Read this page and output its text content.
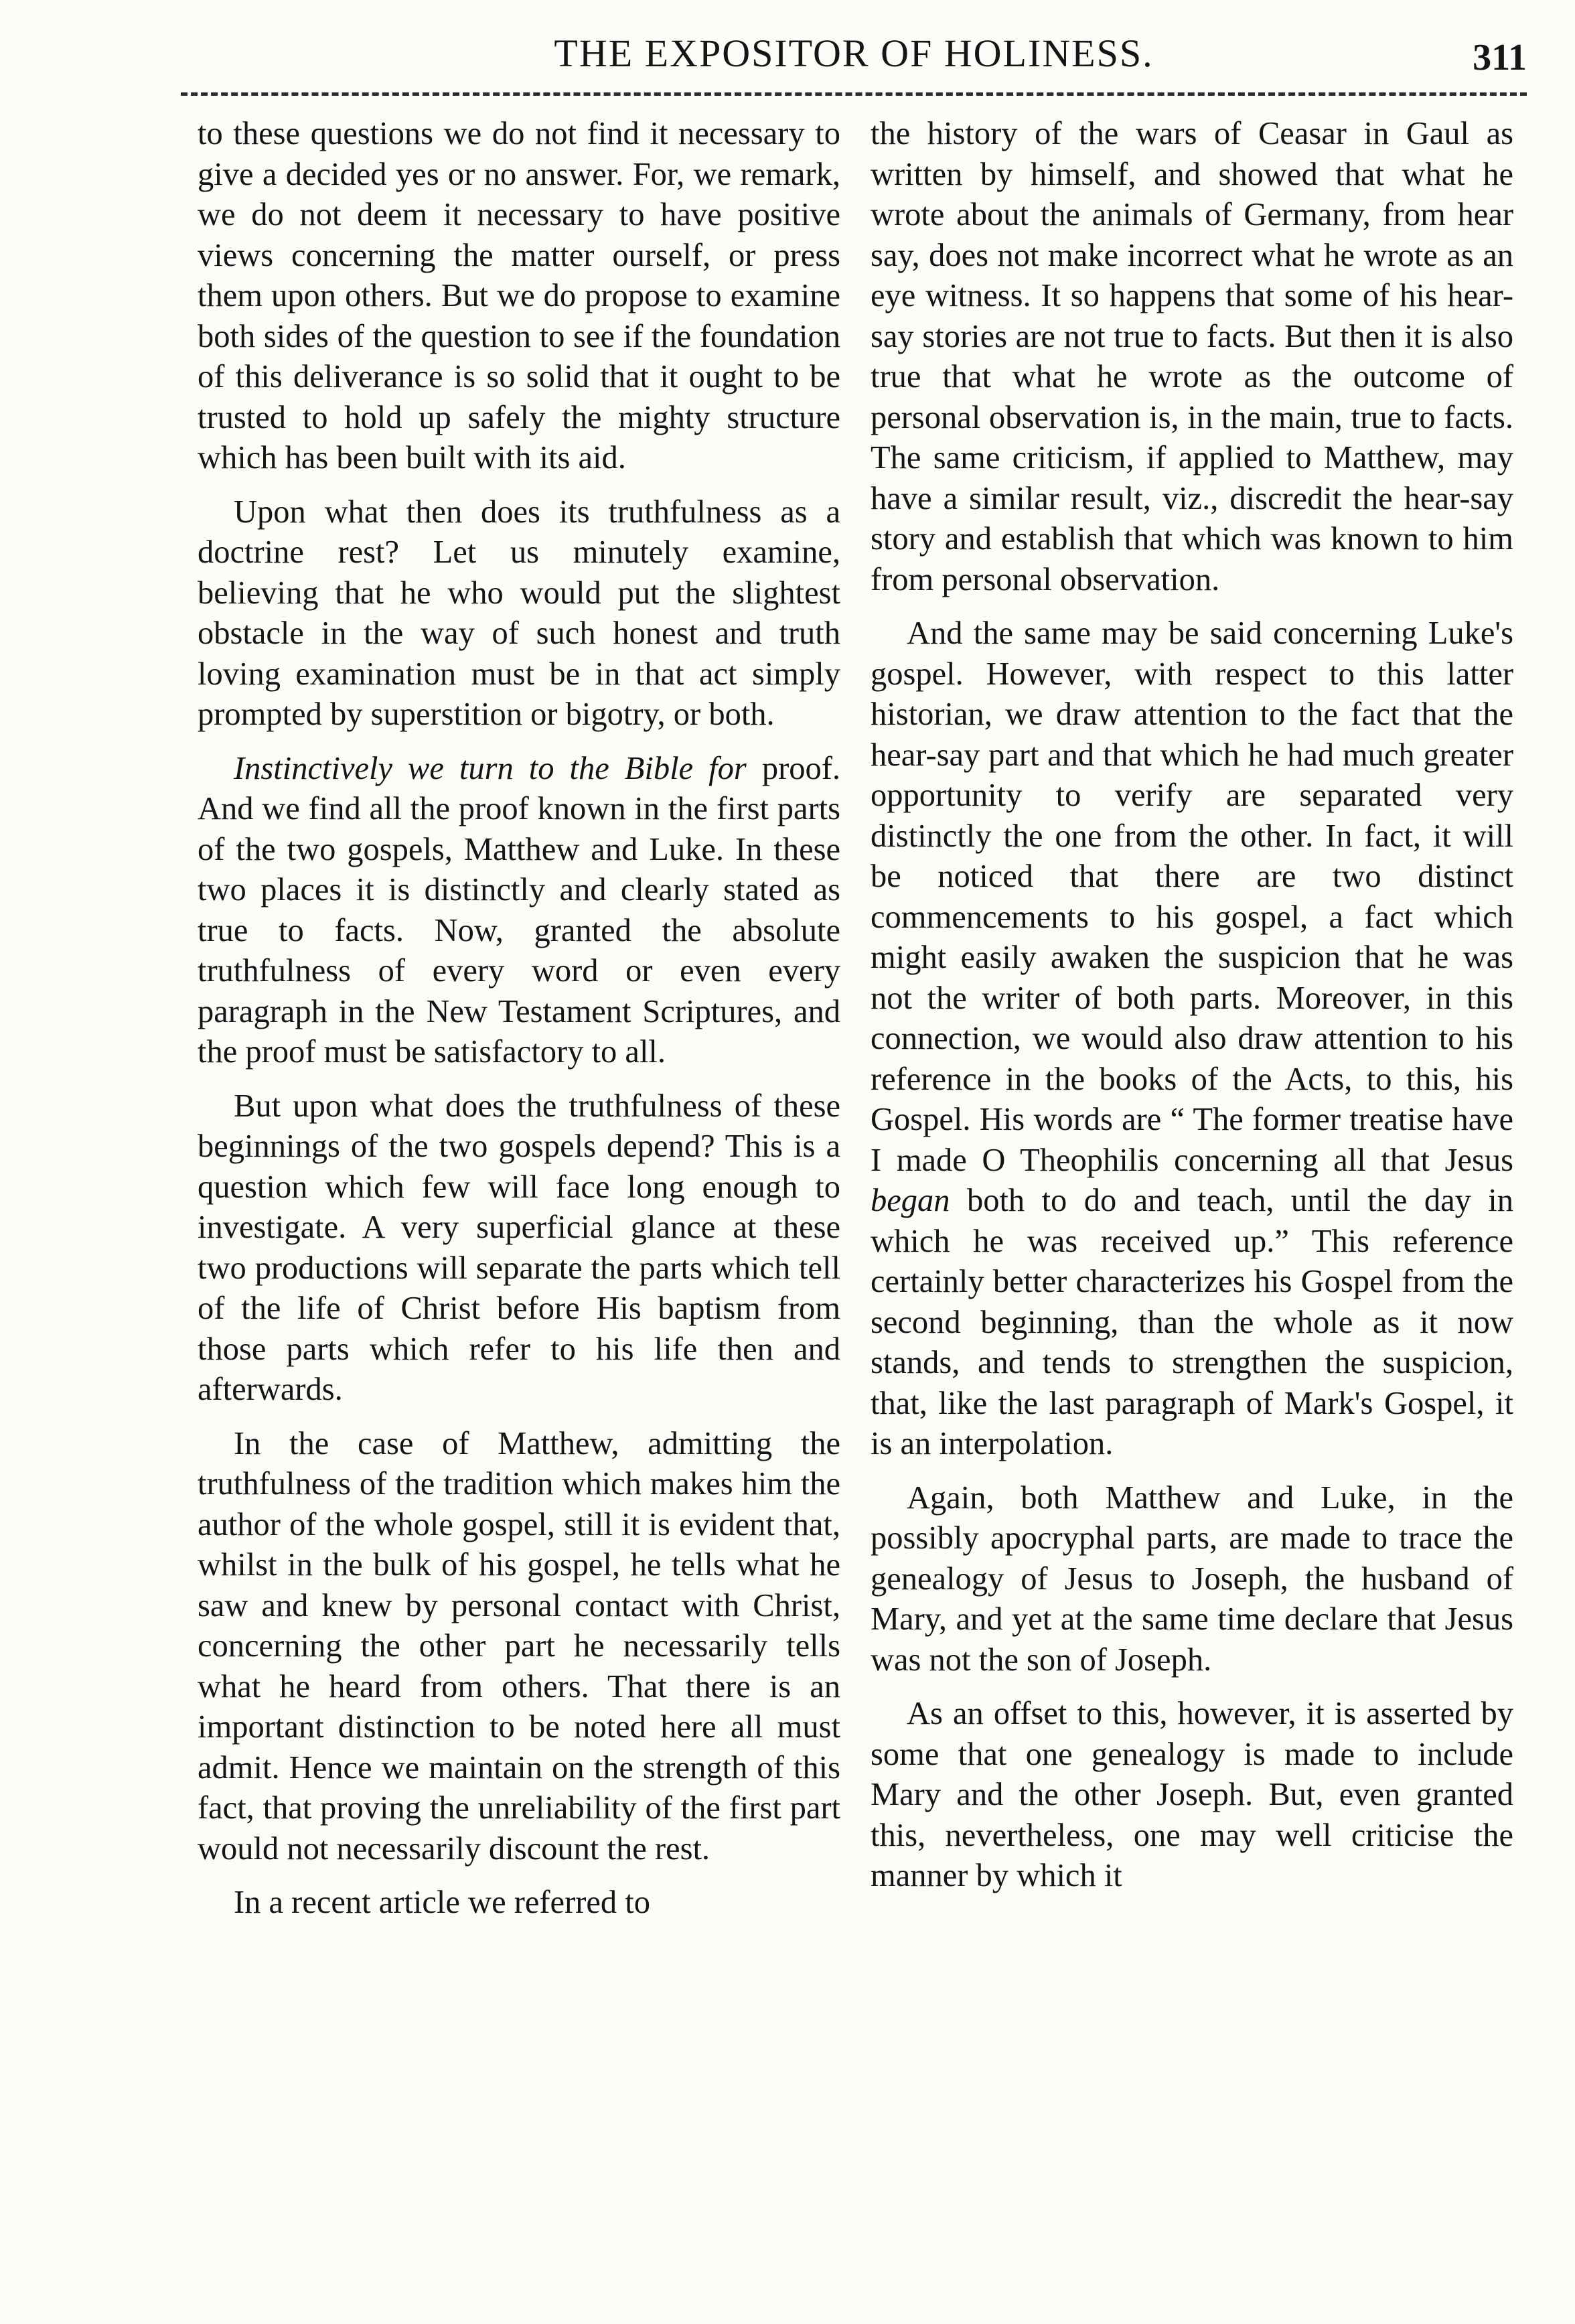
THE EXPOSITOR OF HOLINESS.	311

to these questions we do not find it necessary to give a decided yes or no answer. For, we remark, we do not deem it necessary to have positive views concerning the matter ourself, or press them upon others. But we do propose to examine both sides of the question to see if the foundation of this deliverance is so solid that it ought to be trusted to hold up safely the mighty structure which has been built with its aid.

Upon what then does its truthfulness as a doctrine rest? Let us minutely examine, believing that he who would put the slightest obstacle in the way of such honest and truth loving examination must be in that act simply prompted by superstition or bigotry, or both.

Instinctively we turn to the Bible for proof. And we find all the proof known in the first parts of the two gospels, Matthew and Luke. In these two places it is distinctly and clearly stated as true to facts. Now, granted the absolute truthfulness of every word or even every paragraph in the New Testament Scriptures, and the proof must be satisfactory to all.

But upon what does the truthfulness of these beginnings of the two gospels depend? This is a question which few will face long enough to investigate. A very superficial glance at these two productions will separate the parts which tell of the life of Christ before His baptism from those parts which refer to his life then and afterwards.

In the case of Matthew, admitting the truthfulness of the tradition which makes him the author of the whole gospel, still it is evident that, whilst in the bulk of his gospel, he tells what he saw and knew by personal contact with Christ, concerning the other part he necessarily tells what he heard from others. That there is an important distinction to be noted here all must admit. Hence we maintain on the strength of this fact, that proving the unreliability of the first part would not necessarily discount the rest.

In a recent article we referred to

the history of the wars of Ceasar in Gaul as written by himself, and showed that what he wrote about the animals of Germany, from hear say, does not make incorrect what he wrote as an eye witness. It so happens that some of his hear-say stories are not true to facts. But then it is also true that what he wrote as the outcome of personal observation is, in the main, true to facts. The same criticism, if applied to Matthew, may have a similar result, viz., discredit the hear-say story and establish that which was known to him from personal observation.

And the same may be said concerning Luke's gospel. However, with respect to this latter historian, we draw attention to the fact that the hear-say part and that which he had much greater opportunity to verify are separated very distinctly the one from the other. In fact, it will be noticed that there are two distinct commencements to his gospel, a fact which might easily awaken the suspicion that he was not the writer of both parts. Moreover, in this connection, we would also draw attention to his reference in the books of the Acts, to this, his Gospel. His words are “ The former treatise have I made O Theophilis concerning all that Jesus began both to do and teach, until the day in which he was received up.” This reference certainly better characterizes his Gospel from the second beginning, than the whole as it now stands, and tends to strengthen the suspicion, that, like the last paragraph of Mark's Gospel, it is an interpolation.

Again, both Matthew and Luke, in the possibly apocryphal parts, are made to trace the genealogy of Jesus to Joseph, the husband of Mary, and yet at the same time declare that Jesus was not the son of Joseph.

As an offset to this, however, it is asserted by some that one genealogy is made to include Mary and the other Joseph. But, even granted this, nevertheless, one may well criticise the manner by which it
